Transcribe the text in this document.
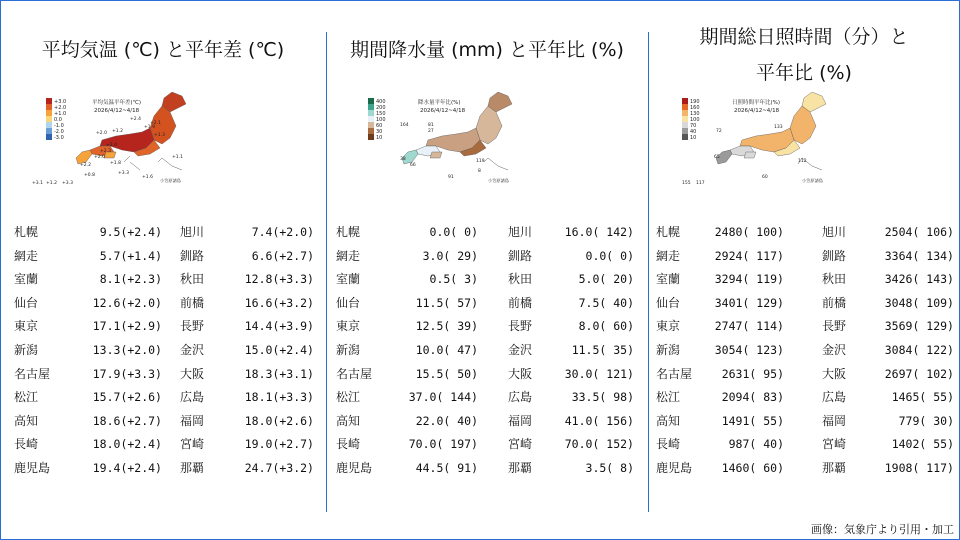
平均気温 (℃) と平年差 (℃)
+3.0
+2.0
+1.0
0.0
-1.0
-2.0
-3.0
平均気温平年差(℃)
2026/4/12~4/18
+2.0 +1.2
+1.9
+2.1
+2.4
+1.3
+2.4
+2.3
+2.0
+1.8
+2.2
+3.3
+1.6
+1.1
+3.1 +1.2 +3.3
+0.8
小笠原諸島
札幌	9.5(+2.4) 旭川	7.4(+2.0)
網走	5.7(+1.4) 釧路	6.6(+2.7)
室蘭	8.1(+2.3) 秋田	12.8(+3.3)
仙台	12.6(+2.0) 前橋	16.6(+3.2)
東京	17.1(+2.9) 長野	14.4(+3.9)
新潟	13.3(+2.0) 金沢	15.0(+2.4)
名古屋	17.9(+3.3) 大阪	18.3(+3.1)
松江	15.7(+2.6) 広島	18.1(+3.3)
高知	18.6(+2.7) 福岡	18.0(+2.6)
長崎	18.0(+2.4) 宮崎	19.0(+2.7)
鹿児島	19.4(+2.4) 那覇	24.7(+3.2)
期間降水量 (mm) と平年比 (%)
400
200
150
100
60
30
10
降水量平年比(%)
2026/4/12~4/18
164	81
27
38
91
119
66
8
小笠原諸島
札幌	0.0( 0)	旭川	16.0( 142)
網走	3.0( 29)	釧路	0.0( 0)
室蘭	0.5( 3)	秋田	5.0( 20)
仙台	11.5( 57)	前橋	7.5( 40)
東京	12.5( 39)	長野	8.0( 60)
新潟	10.0( 47)	金沢	11.5( 35)
名古屋	15.5( 50)	大阪	30.0( 121)
松江	37.0( 144)	広島	33.5( 98)
高知	22.0( 40)	福岡	41.0( 156)
長崎	70.0( 197)	宮崎	70.0( 152)
鹿児島	44.5( 91)	那覇	3.5( 8)
期間総日照時間（分）と
平年比 (%)
190
160
130
100
70
40
10
日照時間平年比(%)
2026/4/12~4/18
133
72
65
60
112
155 117
小笠原諸島
札幌	2480( 100)	旭川	2504( 106)
網走	2924( 117)	釧路	3364( 134)
室蘭	3294( 119)	秋田	3426( 143)
仙台	3401( 129)	前橋	3048( 109)
東京	2747( 114)	長野	3569( 129)
新潟	3054( 123)	金沢	3084( 122)
名古屋	2631( 95)	大阪	2697( 102)
松江	2094( 83)	広島	1465( 55)
高知	1491( 55)	福岡	779( 30)
長崎	987( 40)	宮崎	1402( 55)
鹿児島	1460( 60)	那覇	1908( 117)
画像：気象庁より引用・加工
